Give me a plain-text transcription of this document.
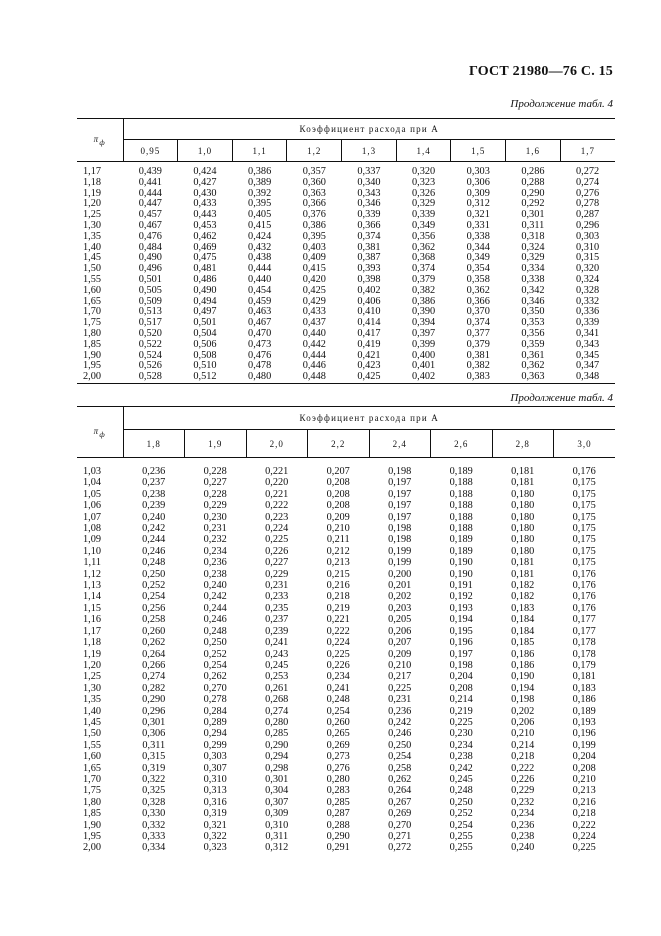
ГОСТ 21980—76 С. 15
Продолжение табл. 4
$\pi_ф$	Коэффициент расхода при A								
	0,95	1,0	1,1	1,2	1,3	1,4	1,5	1,6	1,7
1,17	0,439	0,424	0,386	0,357	0,337	0,320	0,303	0,286	0,272
1,18	0,441	0,427	0,389	0,360	0,340	0,323	0,306	0,288	0,274
1,19	0,444	0,430	0,392	0,363	0,343	0,326	0,309	0,290	0,276
1,20	0,447	0,433	0,395	0,366	0,346	0,329	0,312	0,292	0,278
1,25	0,457	0,443	0,405	0,376	0,339	0,339	0,321	0,301	0,287
1,30	0,467	0,453	0,415	0,386	0,366	0,349	0,331	0,311	0,296
1,35	0,476	0,462	0,424	0,395	0,374	0,356	0,338	0,318	0,303
1,40	0,484	0,469	0,432	0,403	0,381	0,362	0,344	0,324	0,310
1,45	0,490	0,475	0,438	0,409	0,387	0,368	0,349	0,329	0,315
1,50	0,496	0,481	0,444	0,415	0,393	0,374	0,354	0,334	0,320
1,55	0,501	0,486	0,440	0,420	0,398	0,379	0,358	0,338	0,324
1,60	0,505	0,490	0,454	0,425	0,402	0,382	0,362	0,342	0,328
1,65	0,509	0,494	0,459	0,429	0,406	0,386	0,366	0,346	0,332
1,70	0,513	0,497	0,463	0,433	0,410	0,390	0,370	0,350	0,336
1,75	0,517	0,501	0,467	0,437	0,414	0,394	0,374	0,353	0,339
1,80	0,520	0,504	0,470	0,440	0,417	0,397	0,377	0,356	0,341
1,85	0,522	0,506	0,473	0,442	0,419	0,399	0,379	0,359	0,343
1,90	0,524	0,508	0,476	0,444	0,421	0,400	0,381	0,361	0,345
1,95	0,526	0,510	0,478	0,446	0,423	0,401	0,382	0,362	0,347
2,00	0,528	0,512	0,480	0,448	0,425	0,402	0,383	0,363	0,348
Продолжение табл. 4
$\pi_ф$	Коэффициент расхода при A							
	1,8	1,9	2,0	2,2	2,4	2,6	2,8	3,0
1,03	0,236	0,228	0,221	0,207	0,198	0,189	0,181	0,176
1,04	0,237	0,227	0,220	0,208	0,197	0,188	0,181	0,175
1,05	0,238	0,228	0,221	0,208	0,197	0,188	0,180	0,175
1,06	0,239	0,229	0,222	0,208	0,197	0,188	0,180	0,175
1,07	0,240	0,230	0,223	0,209	0,197	0,188	0,180	0,175
1,08	0,242	0,231	0,224	0,210	0,198	0,188	0,180	0,175
1,09	0,244	0,232	0,225	0,211	0,198	0,189	0,180	0,175
1,10	0,246	0,234	0,226	0,212	0,199	0,189	0,180	0,175
1,11	0,248	0,236	0,227	0,213	0,199	0,190	0,181	0,175
1,12	0,250	0,238	0,229	0,215	0,200	0,190	0,181	0,176
1,13	0,252	0,240	0,231	0,216	0,201	0,191	0,182	0,176
1,14	0,254	0,242	0,233	0,218	0,202	0,192	0,182	0,176
1,15	0,256	0,244	0,235	0,219	0,203	0,193	0,183	0,176
1,16	0,258	0,246	0,237	0,221	0,205	0,194	0,184	0,177
1,17	0,260	0,248	0,239	0,222	0,206	0,195	0,184	0,177
1,18	0,262	0,250	0,241	0,224	0,207	0,196	0,185	0,178
1,19	0,264	0,252	0,243	0,225	0,209	0,197	0,186	0,178
1,20	0,266	0,254	0,245	0,226	0,210	0,198	0,186	0,179
1,25	0,274	0,262	0,253	0,234	0,217	0,204	0,190	0,181
1,30	0,282	0,270	0,261	0,241	0,225	0,208	0,194	0,183
1,35	0,290	0,278	0,268	0,248	0,231	0,214	0,198	0,186
1,40	0,296	0,284	0,274	0,254	0,236	0,219	0,202	0,189
1,45	0,301	0,289	0,280	0,260	0,242	0,225	0,206	0,193
1,50	0,306	0,294	0,285	0,265	0,246	0,230	0,210	0,196
1,55	0,311	0,299	0,290	0,269	0,250	0,234	0,214	0,199
1,60	0,315	0,303	0,294	0,273	0,254	0,238	0,218	0,204
1,65	0,319	0,307	0,298	0,276	0,258	0,242	0,222	0,208
1,70	0,322	0,310	0,301	0,280	0,262	0,245	0,226	0,210
1,75	0,325	0,313	0,304	0,283	0,264	0,248	0,229	0,213
1,80	0,328	0,316	0,307	0,285	0,267	0,250	0,232	0,216
1,85	0,330	0,319	0,309	0,287	0,269	0,252	0,234	0,218
1,90	0,332	0,321	0,310	0,288	0,270	0,254	0,236	0,222
1,95	0,333	0,322	0,311	0,290	0,271	0,255	0,238	0,224
2,00	0,334	0,323	0,312	0,291	0,272	0,255	0,240	0,225
